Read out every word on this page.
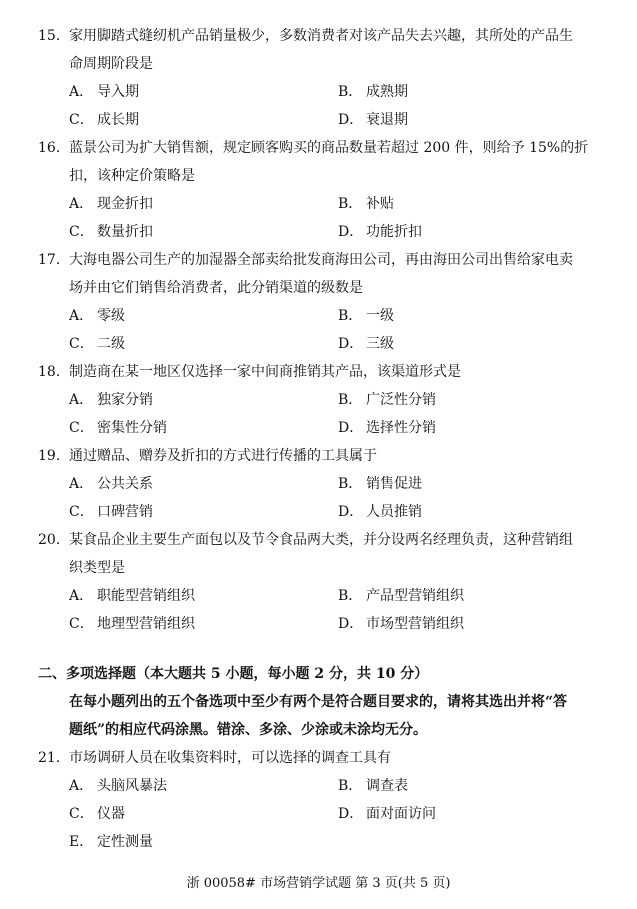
15. 家用脚踏式缝纫机产品销量极少，多数消费者对该产品失去兴趣，其所处的产品生
命周期阶段是
A． 导入期	B． 成熟期
C． 成长期	D． 衰退期
16. 蓝景公司为扩大销售额，规定顾客购买的商品数量若超过 200 件，则给予 15%的折
扣，该种定价策略是
A． 现金折扣	B． 补贴
C． 数量折扣	D． 功能折扣
17. 大海电器公司生产的加湿器全部卖给批发商海田公司，再由海田公司出售给家电卖
场并由它们销售给消费者，此分销渠道的级数是
A． 零级	B． 一级
C． 二级	D． 三级
18. 制造商在某一地区仅选择一家中间商推销其产品，该渠道形式是
A． 独家分销	B． 广泛性分销
C． 密集性分销	D． 选择性分销
19. 通过赠品、赠券及折扣的方式进行传播的工具属于
A． 公共关系	B． 销售促进
C． 口碑营销	D． 人员推销
20. 某食品企业主要生产面包以及节令食品两大类，并分设两名经理负责，这种营销组
织类型是
A． 职能型营销组织	B． 产品型营销组织
C． 地理型营销组织	D． 市场型营销组织
二、多项选择题（本大题共 5 小题，每小题 2 分，共 10 分）
在每小题列出的五个备选项中至少有两个是符合题目要求的，请将其选出并将“答
题纸”的相应代码涂黑。错涂、多涂、少涂或未涂均无分。
21. 市场调研人员在收集资料时，可以选择的调查工具有
A． 头脑风暴法	B． 调查表
C． 仪器	D． 面对面访问
E． 定性测量
浙 00058# 市场营销学试题 第 3 页(共 5 页)
